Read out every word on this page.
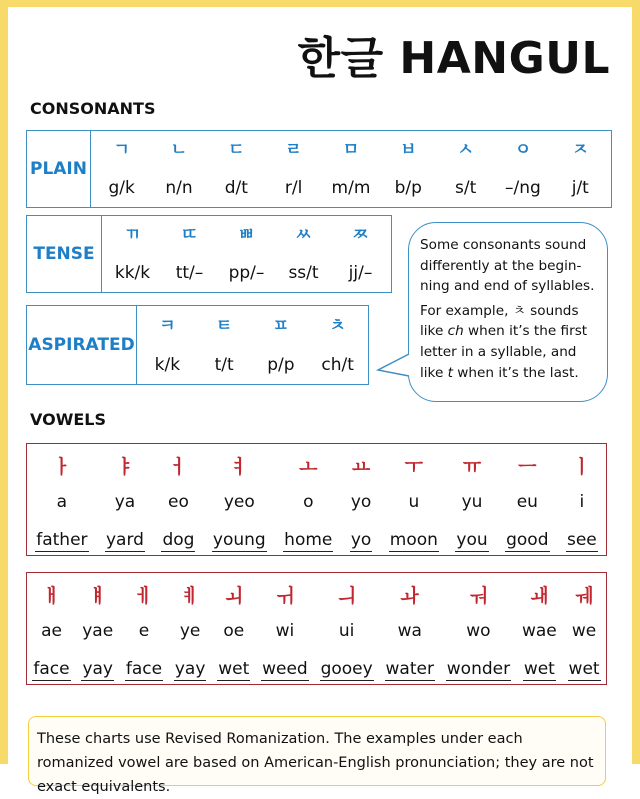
한글 HANGUL
CONSONANTS
PLAIN
ㄱ
g/k
ㄴ
n/n
ㄷ
d/t
ㄹ
r/l
ㅁ
m/m
ㅂ
b/p
ㅅ
s/t
ㅇ
–/ng
ㅈ
j/t
TENSE
ㄲ
kk/k
ㄸ
tt/–
ㅃ
pp/–
ㅆ
ss/t
ㅉ
jj/–
ASPIRATED
ㅋ
k/k
ㅌ
t/t
ㅍ
p/p
ㅊ
ch/t

Some consonants sound differently at the beginning and end of syllables.

For example, ㅊ sounds like ch when it’s the first letter in a syllable, and like t when it’s the last.

VOWELS
ㅏ
a
father
ㅑ
ya
yard
ㅓ
eo
dog
ㅕ
yeo
young
ㅗ
o
home
ㅛ
yo
yo
ㅜ
u
moon
ㅠ
yu
you
ㅡ
eu
good
ㅣ
i
see
ㅐ
ae
face
ㅒ
yae
yay
ㅔ
e
face
ㅖ
ye
yay
ㅚ
oe
wet
ㅟ
wi
weed
ㅢ
ui
gooey
ㅘ
wa
water
ㅝ
wo
wonder
ㅙ
wae
wet
ㅞ
we
wet
These charts use Revised Romanization. The examples under each romanized vowel are based on American-English pronunciation; they are not exact equivalents.
